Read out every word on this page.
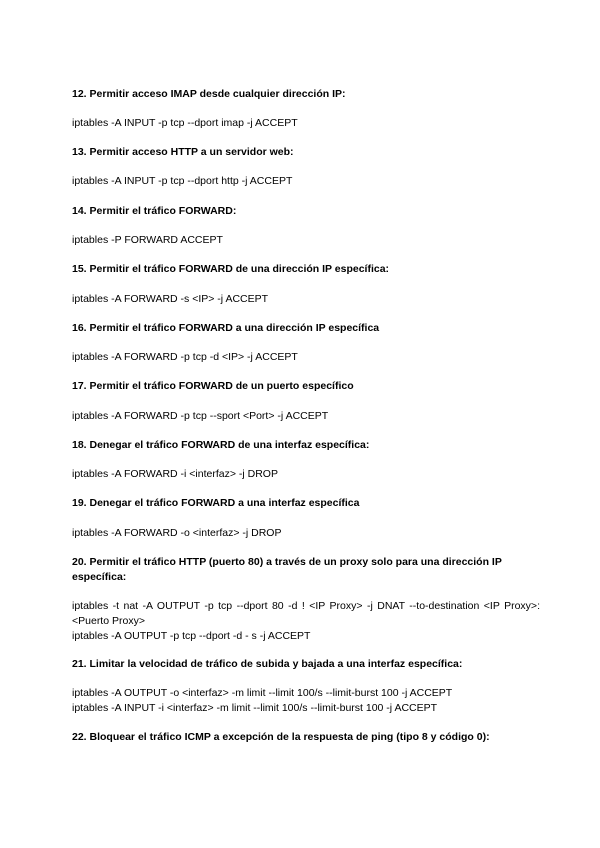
12. Permitir acceso IMAP desde cualquier dirección IP:

iptables -A INPUT -p tcp --dport imap -j ACCEPT

13. Permitir acceso HTTP a un servidor web:

iptables -A INPUT -p tcp --dport http -j ACCEPT

14. Permitir el tráfico FORWARD:

iptables -P FORWARD ACCEPT

15. Permitir el tráfico FORWARD de una dirección IP específica:

iptables -A FORWARD -s <IP> -j ACCEPT

16. Permitir el tráfico FORWARD a una dirección IP específica

iptables -A FORWARD -p tcp -d <IP> -j ACCEPT

17. Permitir el tráfico FORWARD de un puerto específico

iptables -A FORWARD -p tcp --sport <Port> -j ACCEPT

18. Denegar el tráfico FORWARD de una interfaz específica:

iptables -A FORWARD -i <interfaz> -j DROP

19. Denegar el tráfico FORWARD a una interfaz específica

iptables -A FORWARD -o <interfaz> -j DROP

20. Permitir el tráfico HTTP (puerto 80) a través de un proxy solo para una dirección IP específica:

iptables -t nat -A OUTPUT -p tcp --dport 80 -d ! <IP Proxy> -j DNAT --to-destination <IP Proxy>:<Puerto Proxy>
iptables -A OUTPUT -p tcp --dport -d - s -j ACCEPT

21. Limitar la velocidad de tráfico de subida y bajada a una interfaz específica:

iptables -A OUTPUT -o <interfaz> -m limit --limit 100/s --limit-burst 100 -j ACCEPT
iptables -A INPUT -i <interfaz> -m limit --limit 100/s --limit-burst 100 -j ACCEPT

22. Bloquear el tráfico ICMP a excepción de la respuesta de ping (tipo 8 y código 0):
